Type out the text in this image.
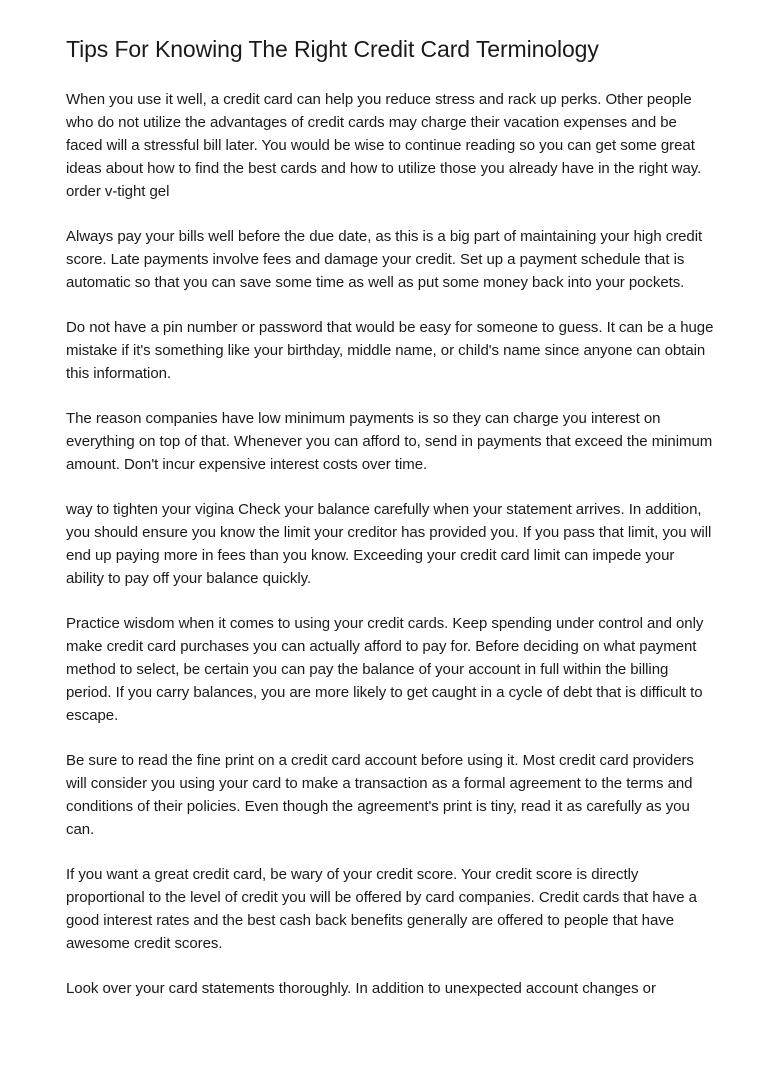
Tips For Knowing The Right Credit Card Terminology

When you use it well, a credit card can help you reduce stress and rack up perks. Other people who do not utilize the advantages of credit cards may charge their vacation expenses and be faced will a stressful bill later. You would be wise to continue reading so you can get some great ideas about how to find the best cards and how to utilize those you already have in the right way. order v-tight gel

Always pay your bills well before the due date, as this is a big part of maintaining your high credit score. Late payments involve fees and damage your credit. Set up a payment schedule that is automatic so that you can save some time as well as put some money back into your pockets.

Do not have a pin number or password that would be easy for someone to guess. It can be a huge mistake if it's something like your birthday, middle name, or child's name since anyone can obtain this information.

The reason companies have low minimum payments is so they can charge you interest on everything on top of that. Whenever you can afford to, send in payments that exceed the minimum amount. Don't incur expensive interest costs over time.

way to tighten your vigina Check your balance carefully when your statement arrives. In addition, you should ensure you know the limit your creditor has provided you. If you pass that limit, you will end up paying more in fees than you know. Exceeding your credit card limit can impede your ability to pay off your balance quickly.

Practice wisdom when it comes to using your credit cards. Keep spending under control and only make credit card purchases you can actually afford to pay for. Before deciding on what payment method to select, be certain you can pay the balance of your account in full within the billing period. If you carry balances, you are more likely to get caught in a cycle of debt that is difficult to escape.

Be sure to read the fine print on a credit card account before using it. Most credit card providers will consider you using your card to make a transaction as a formal agreement to the terms and conditions of their policies. Even though the agreement's print is tiny, read it as carefully as you can.

If you want a great credit card, be wary of your credit score. Your credit score is directly proportional to the level of credit you will be offered by card companies. Credit cards that have a good interest rates and the best cash back benefits generally are offered to people that have awesome credit scores.

Look over your card statements thoroughly. In addition to unexpected account changes or
